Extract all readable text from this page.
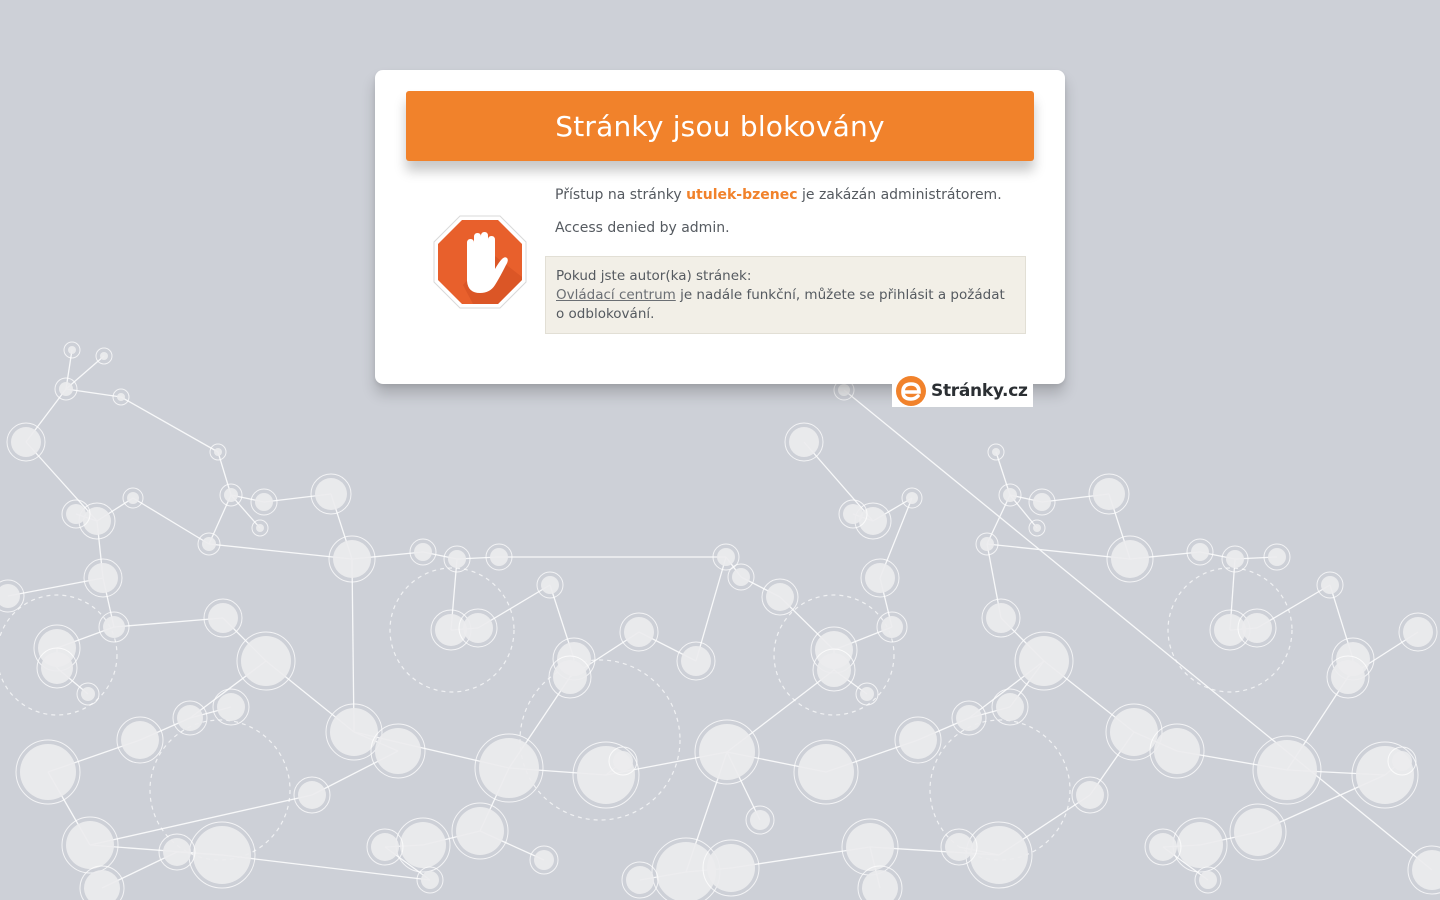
Stránky jsou blokovány
Přístup na stránky utulek-bzenec je zakázán administrátorem.
Access denied by admin.
Pokud jste autor(ka) stránek:
Ovládací centrum je nadále funkční, můžete se přihlásit a požádat o odblokování.
Stránky.cz
